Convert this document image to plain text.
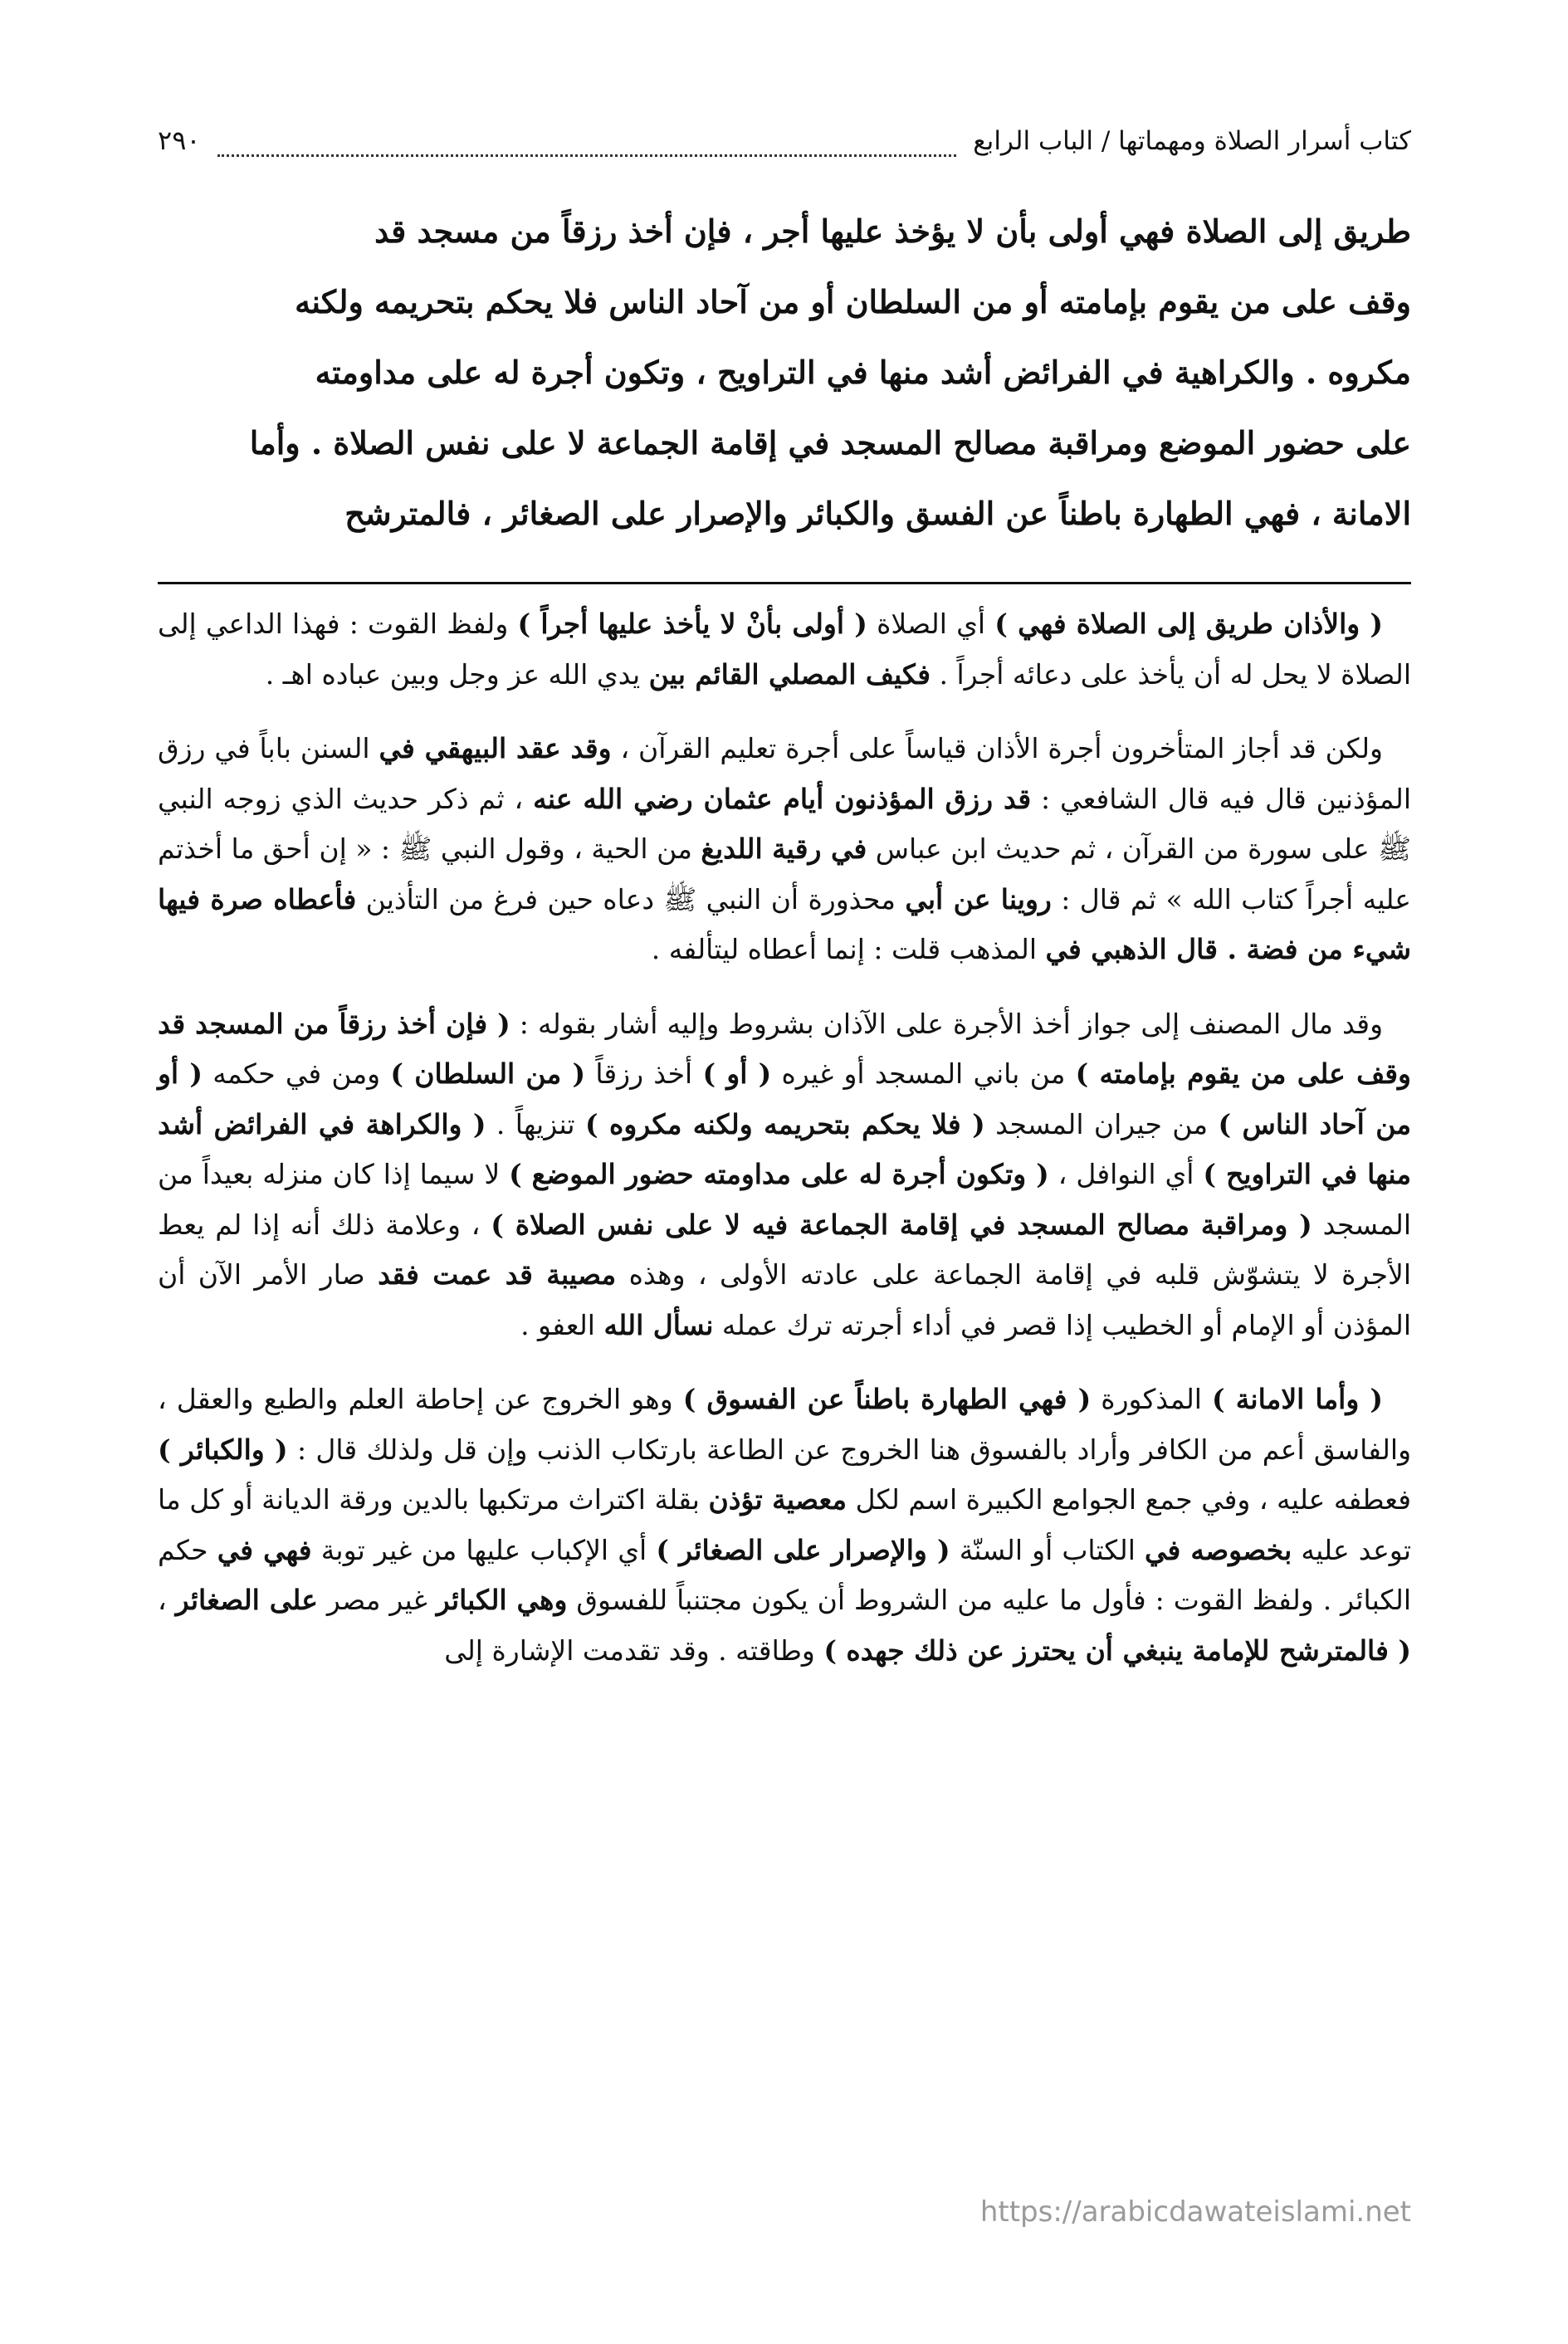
كتاب أسرار الصلاة ومهماتها / الباب الرابع
٢٩٠

طريق إلى الصلاة فهي أولى بأن لا يؤخذ عليها أجر ، فإن أخذ رزقاً من مسجد قد

وقف على من يقوم بإمامته أو من السلطان أو من آحاد الناس فلا يحكم بتحريمه ولكنه

مكروه . والكراهية في الفرائض أشد منها في التراويح ، وتكون أجرة له على مداومته

على حضور الموضع ومراقبة مصالح المسجد في إقامة الجماعة لا على نفس الصلاة . وأما

الامانة ، فهي الطهارة باطناً عن الفسق والكبائر والإصرار على الصغائر ، فالمترشح

( والأذان طريق إلى الصلاة فهي ) أي الصلاة ( أولى بأنْ لا يأخذ عليها أجراً ) ولفظ القوت : فهذا الداعي إلى الصلاة لا يحل له أن يأخذ على دعائه أجراً . فكيف المصلي القائم بين يدي الله عز وجل وبين عباده اهـ .

ولكن قد أجاز المتأخرون أجرة الأذان قياساً على أجرة تعليم القرآن ، وقد عقد البيهقي في السنن باباً في رزق المؤذنين قال فيه قال الشافعي : قد رزق المؤذنون أيام عثمان رضي الله عنه ، ثم ذكر حديث الذي زوجه النبي ﷺ على سورة من القرآن ، ثم حديث ابن عباس في رقية اللديغ من الحية ، وقول النبي ﷺ : « إن أحق ما أخذتم عليه أجراً كتاب الله » ثم قال : روينا عن أبي محذورة أن النبي ﷺ دعاه حين فرغ من التأذين فأعطاه صرة فيها شيء من فضة . قال الذهبي في المذهب قلت : إنما أعطاه ليتألفه .

وقد مال المصنف إلى جواز أخذ الأجرة على الآذان بشروط وإليه أشار بقوله : ( فإن أخذ رزقاً من المسجد قد وقف على من يقوم بإمامته ) من باني المسجد أو غيره ( أو ) أخذ رزقاً ( من السلطان ) ومن في حكمه ( أو من آحاد الناس ) من جيران المسجد ( فلا يحكم بتحريمه ولكنه مكروه ) تنزيهاً . ( والكراهة في الفرائض أشد منها في التراويح ) أي النوافل ، ( وتكون أجرة له على مداومته حضور الموضع ) لا سيما إذا كان منزله بعيداً من المسجد ( ومراقبة مصالح المسجد في إقامة الجماعة فيه لا على نفس الصلاة ) ، وعلامة ذلك أنه إذا لم يعط الأجرة لا يتشوّش قلبه في إقامة الجماعة على عادته الأولى ، وهذه مصيبة قد عمت فقد صار الأمر الآن أن المؤذن أو الإمام أو الخطيب إذا قصر في أداء أجرته ترك عمله نسأل الله العفو .

( وأما الامانة ) المذكورة ( فهي الطهارة باطناً عن الفسوق ) وهو الخروج عن إحاطة العلم والطبع والعقل ، والفاسق أعم من الكافر وأراد بالفسوق هنا الخروج عن الطاعة بارتكاب الذنب وإن قل ولذلك قال : ( والكبائر ) فعطفه عليه ، وفي جمع الجوامع الكبيرة اسم لكل معصية تؤذن بقلة اكتراث مرتكبها بالدين ورقة الديانة أو كل ما توعد عليه بخصوصه في الكتاب أو السنّة ( والإصرار على الصغائر ) أي الإكباب عليها من غير توبة فهي في حكم الكبائر . ولفظ القوت : فأول ما عليه من الشروط أن يكون مجتنباً للفسوق وهي الكبائر غير مصر على الصغائر ، ( فالمترشح للإمامة ينبغي أن يحترز عن ذلك جهده ) وطاقته . وقد تقدمت الإشارة إلى

https://arabicdawateislami.net
